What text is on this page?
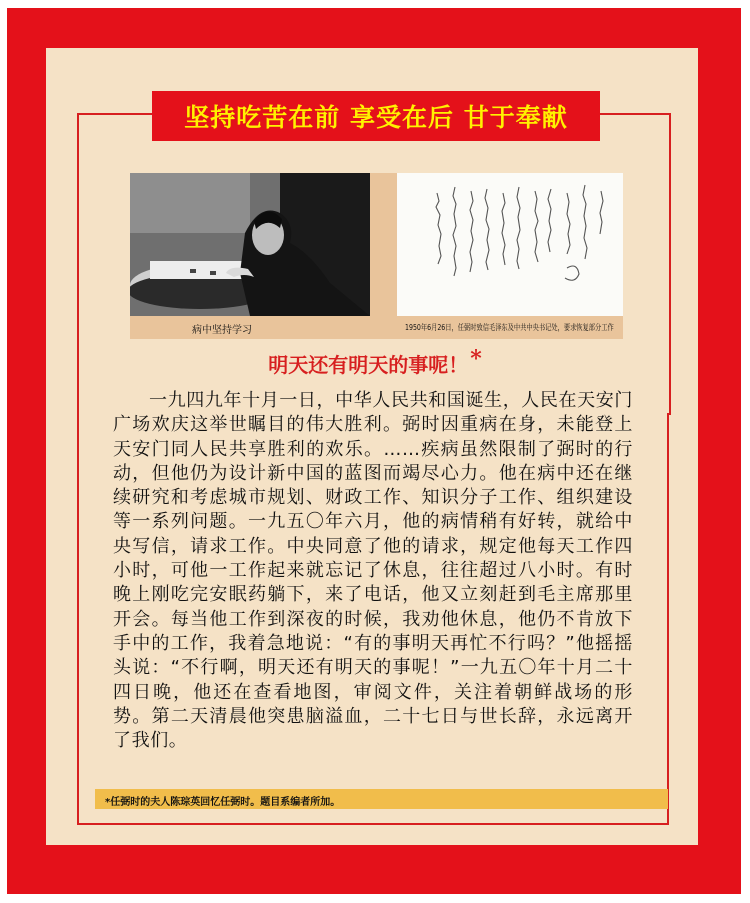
坚持吃苦在前 享受在后 甘于奉献
病中坚持学习	1950年6月26日，任弼时致信毛泽东及中共中央书记处，要求恢复部分工作
明天还有明天的事呢！*
一九四九年十月一日，中华人民共和国诞生，人民在天安门广场欢庆这举世瞩目的伟大胜利。弼时因重病在身，未能登上天安门同人民共享胜利的欢乐。……疾病虽然限制了弼时的行动，但他仍为设计新中国的蓝图而竭尽心力。他在病中还在继续研究和考虑城市规划、财政工作、知识分子工作、组织建设等一系列问题。一九五〇年六月，他的病情稍有好转，就给中央写信，请求工作。中央同意了他的请求，规定他每天工作四小时，可他一工作起来就忘记了休息，往往超过八小时。有时晚上刚吃完安眠药躺下，来了电话，他又立刻赶到毛主席那里开会。每当他工作到深夜的时候，我劝他休息，他仍不肯放下手中的工作，我着急地说：“有的事明天再忙不行吗？”他摇摇头说：“不行啊，明天还有明天的事呢！”一九五〇年十月二十四日晚，他还在查看地图，审阅文件，关注着朝鲜战场的形势。第二天清晨他突患脑溢血，二十七日与世长辞，永远离开了我们。
*任弼时的夫人陈琮英回忆任弼时。题目系编者所加。
